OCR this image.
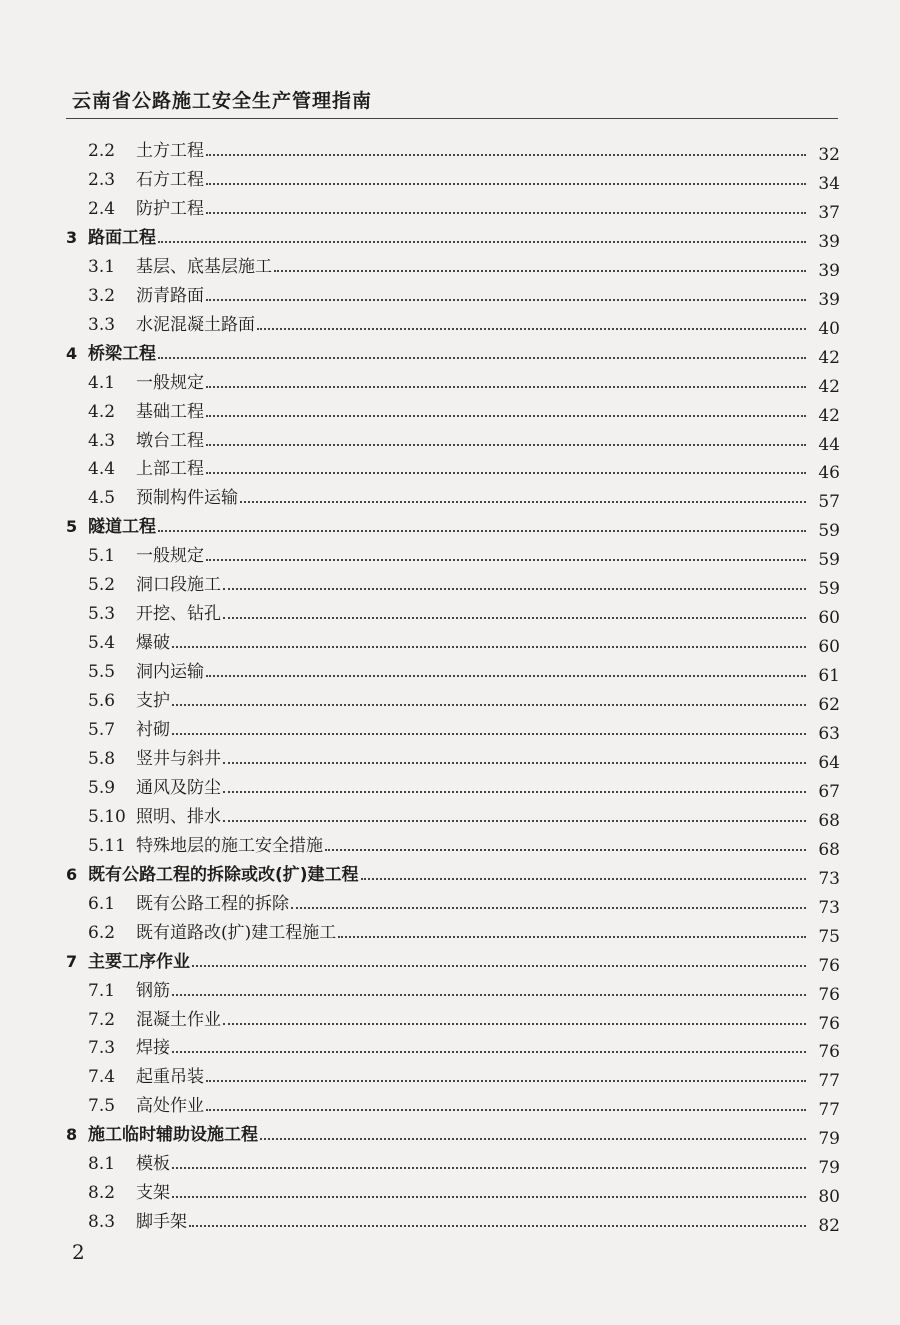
云南省公路施工安全生产管理指南
2.2	土方工程	32
2.3	石方工程	34
2.4	防护工程	37
3 路面工程	39
3.1	基层、底基层施工	39
3.2	沥青路面	39
3.3	水泥混凝土路面	40
4 桥梁工程	42
4.1	一般规定	42
4.2	基础工程	42
4.3	墩台工程	44
4.4	上部工程	46
4.5	预制构件运输	57
5 隧道工程	59
5.1	一般规定	59
5.2	洞口段施工	59
5.3	开挖、钻孔	60
5.4	爆破	60
5.5	洞内运输	61
5.6	支护	62
5.7	衬砌	63
5.8	竖井与斜井	64
5.9	通风及防尘	67
5.10 照明、排水	68
5.11 特殊地层的施工安全措施	68
6 既有公路工程的拆除或改(扩)建工程	73
6.1	既有公路工程的拆除	73
6.2	既有道路改(扩)建工程施工	75
7 主要工序作业	76
7.1	钢筋	76
7.2	混凝土作业	76
7.3	焊接	76
7.4	起重吊装	77
7.5	高处作业	77
8 施工临时辅助设施工程	79
8.1	模板	79
8.2	支架	80
8.3	脚手架	82
2
